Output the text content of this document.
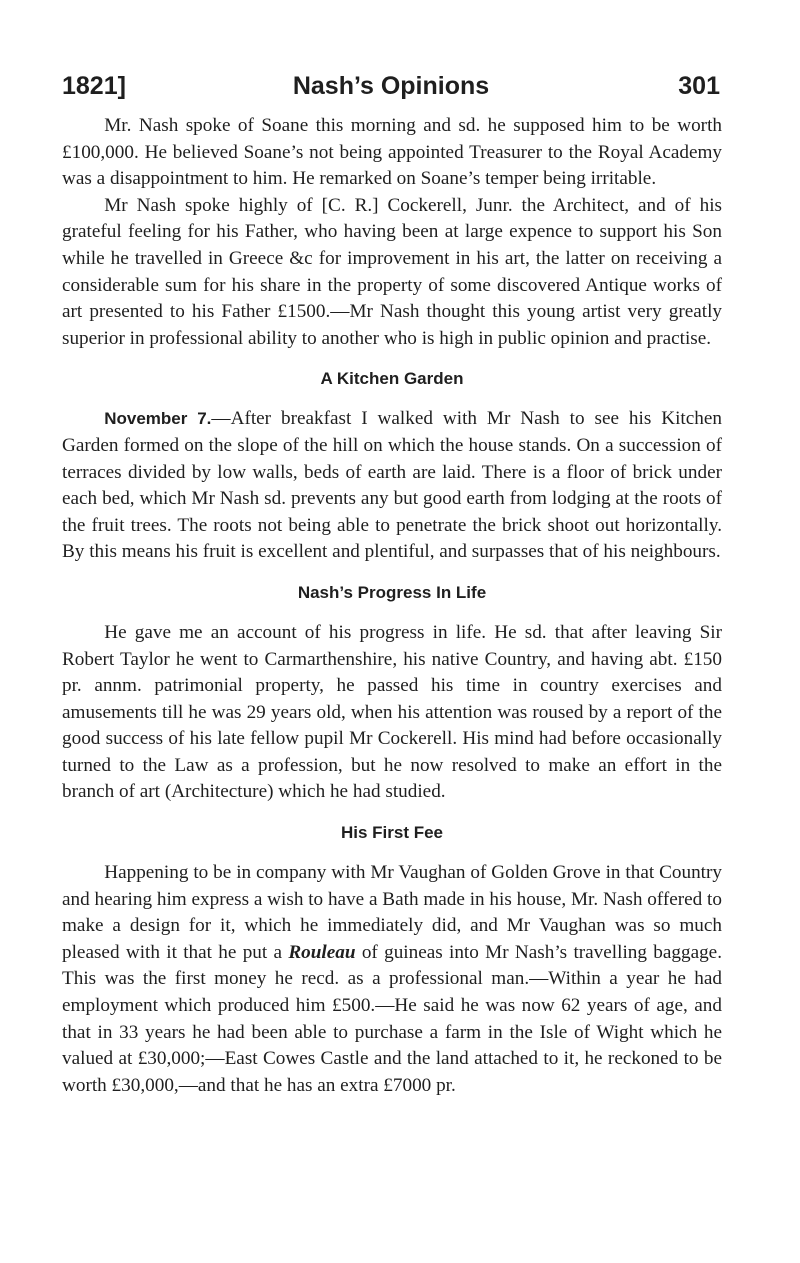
1821]	Nash’s Opinions	301

Mr. Nash spoke of Soane this morning and sd. he supposed him to be worth £100,000. He believed Soane’s not being appointed Treasurer to the Royal Academy was a disappointment to him. He remarked on Soane’s temper being irritable.

Mr Nash spoke highly of [C. R.] Cockerell, Junr. the Architect, and of his grateful feeling for his Father, who having been at large expence to support his Son while he travelled in Greece &c for improvement in his art, the latter on receiving a considerable sum for his share in the property of some discovered Antique works of art presented to his Father £1500.—Mr Nash thought this young artist very greatly superior in professional ability to another who is high in public opinion and practise.

A Kitchen Garden

November 7.—After breakfast I walked with Mr Nash to see his Kitchen Garden formed on the slope of the hill on which the house stands. On a succession of terraces divided by low walls, beds of earth are laid. There is a floor of brick under each bed, which Mr Nash sd. prevents any but good earth from lodging at the roots of the fruit trees. The roots not being able to penetrate the brick shoot out horizontally. By this means his fruit is excellent and plentiful, and surpasses that of his neighbours.

Nash’s Progress In Life

He gave me an account of his progress in life. He sd. that after leaving Sir Robert Taylor he went to Carmarthenshire, his native Country, and having abt. £150 pr. annm. patrimonial property, he passed his time in country exercises and amusements till he was 29 years old, when his attention was roused by a report of the good success of his late fellow pupil Mr Cockerell. His mind had before occasionally turned to the Law as a profession, but he now resolved to make an effort in the branch of art (Architecture) which he had studied.

His First Fee

Happening to be in company with Mr Vaughan of Golden Grove in that Country and hearing him express a wish to have a Bath made in his house, Mr. Nash offered to make a design for it, which he immediately did, and Mr Vaughan was so much pleased with it that he put a Rouleau of guineas into Mr Nash’s travelling baggage. This was the first money he recd. as a professional man.—Within a year he had employment which produced him £500.—He said he was now 62 years of age, and that in 33 years he had been able to purchase a farm in the Isle of Wight which he valued at £30,000;—East Cowes Castle and the land attached to it, he reckoned to be worth £30,000,—and that he has an extra £7000 pr.
